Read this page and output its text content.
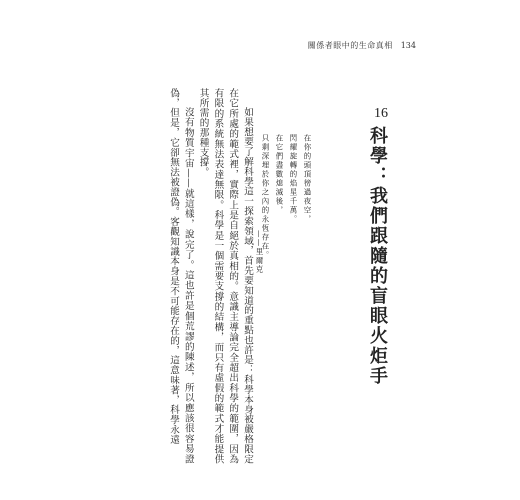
關係者眼中的生命真相 134
16
科學：我們跟隨的盲眼火炬手
在你的頭頂徬過夜空，
閃耀旋轉的焰星千萬。
在它們盡數熄滅後，
只剩深埋於你之內的永恆存在。
——里爾克

如果想要了解科學這一探索領域，首先要知道的重點也許是：科學本身被嚴格限定在它所處的範式裡，實際上是自絕於真相的。意識主導論完全超出科學的範圍，因為有限的系統無法表達無限。科學是一個需要支撐的結構，而只有虛假的範式才能提供其所需的那種支撐。

沒有物質宇宙——就這樣，說完了。這也許是個荒謬的陳述，所以應該很容易證偽，但是，它卻無法被證偽。客觀知識本身是不可能存在的，這意味著，科學永遠
